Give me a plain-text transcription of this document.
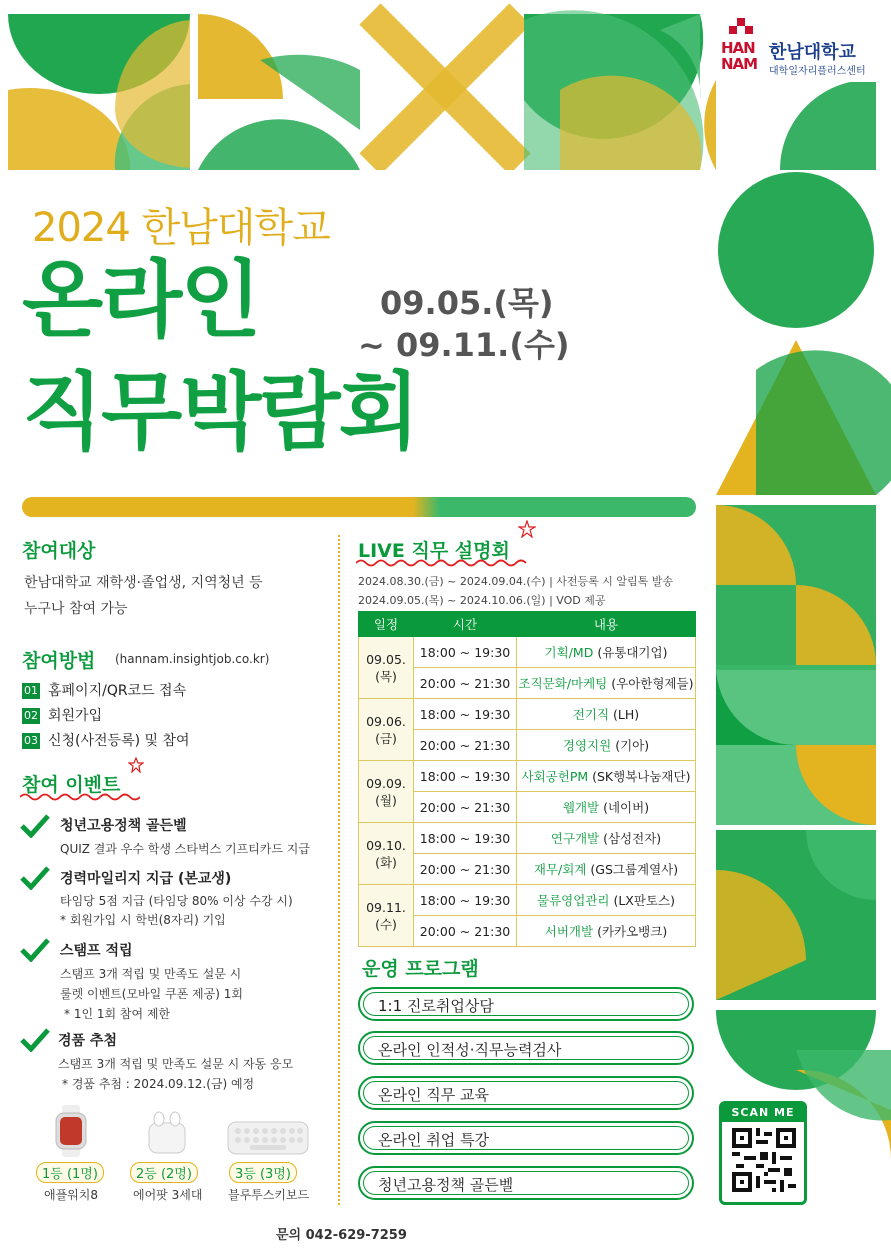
HAN NAM
한남대학교
대학일자리플러스센터
2024 한남대학교
온라인
직무박람회
09.05.(목)
~ 09.11.(수)
참여대상
한남대학교 재학생·졸업생, 지역청년 등
누구나 참여 가능
참여방법 (hannam.insightjob.co.kr)
01 홈페이지/QR코드 접속
02 회원가입
03 신청(사전등록) 및 참여
참여 이벤트
청년고용정책 골든벨
QUIZ 결과 우수 학생 스타벅스 기프티카드 지급
경력마일리지 지급 (본교생)
타임당 5점 지급 (타임당 80% 이상 수강 시)
* 회원가입 시 학번(8자리) 기입
스탬프 적립
스탬프 3개 적립 및 만족도 설문 시
룰렛 이벤트(모바일 쿠폰 제공) 1회
* 1인 1회 참여 제한
경품 추첨
스탬프 3개 적립 및 만족도 설문 시 자동 응모
* 경품 추첨 : 2024.09.12.(금) 예정
1등 (1명)	2등 (2명)	3등 (3명)
애플워치8	에어팟 3세대 블루투스키보드
LIVE 직무 설명회
2024.08.30.(금) ~ 2024.09.04.(수) | 사전등록 시 알림톡 발송
2024.09.05.(목) ~ 2024.10.06.(일) | VOD 제공
일정	시간	내용
09.05.
(목)	18:00 ~ 19:30	기획/MD (유통대기업)
	20:00 ~ 21:30	조직문화/마케팅 (우아한형제들)
09.06.
(금)	18:00 ~ 19:30	전기직 (LH)
	20:00 ~ 21:30	경영지원 (기아)
09.09.
(월)	18:00 ~ 19:30	사회공헌PM (SK행복나눔재단)
	20:00 ~ 21:30	웹개발 (네이버)
09.10.
(화)	18:00 ~ 19:30	연구개발 (삼성전자)
	20:00 ~ 21:30	재무/회계 (GS그룹계열사)
09.11.
(수)	18:00 ~ 19:30	물류영업관리 (LX판토스)
	20:00 ~ 21:30	서버개발 (카카오뱅크)
운영 프로그램
1:1 진로취업상담
온라인 인적성·직무능력검사
온라인 직무 교육
온라인 취업 특강
청년고용정책 골든벨
SCAN ME
문의 042-629-7259
